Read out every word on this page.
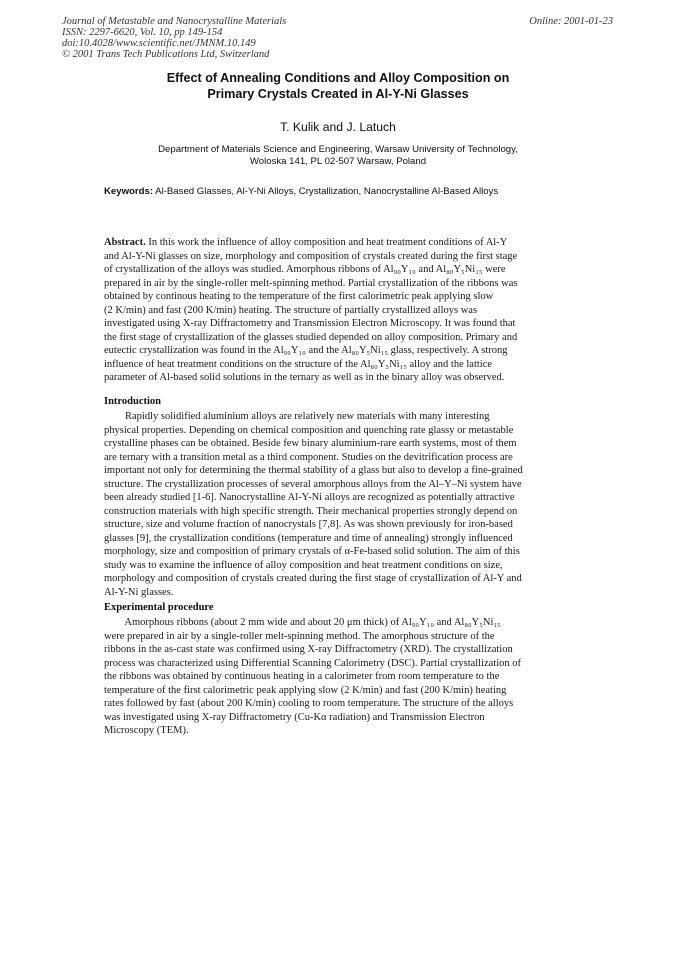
Journal of Metastable and Nanocrystalline Materials
ISSN: 2297-6620, Vol. 10, pp 149-154
doi:10.4028/www.scientific.net/JMNM.10.149
© 2001 Trans Tech Publications Ltd, Switzerland
Online: 2001-01-23
Effect of Annealing Conditions and Alloy Composition on
Primary Crystals Created in Al-Y-Ni Glasses
T. Kulik and J. Latuch
Department of Materials Science and Engineering, Warsaw University of Technology,
Woloska 141, PL 02-507 Warsaw, Poland
Keywords: Al-Based Glasses, Al-Y-Ni Alloys, Crystallization, Nanocrystalline Al-Based Alloys
Abstract. In this work the influence of alloy composition and heat treatment conditions of Al-Y
and Al-Y-Ni glasses on size, morphology and composition of crystals created during the first stage
of crystallization of the alloys was studied. Amorphous ribbons of Al₉₀Y₁₀ and Al₈₀Y₅Ni₁₅ were
prepared in air by the single-roller melt-spinning method. Partial crystallization of the ribbons was
obtained by continous heating to the temperature of the first calorimetric peak applying slow
(2 K/min) and fast (200 K/min) heating. The structure of partially crystallized alloys was
investigated using X-ray Diffractometry and Transmission Electron Microscopy. It was found that
the first stage of crystallization of the glasses studied depended on alloy composition. Primary and
eutectic crystallization was found in the Al₉₀Y₁₀ and the Al₈₀Y₅Ni₁₅ glass, respectively. A strong
influence of heat treatment conditions on the structure of the Al₈₀Y₅Ni₁₅ alloy and the lattice
parameter of Al-based solid solutions in the ternary as well as in the binary alloy was observed.
Introduction
Rapidly solidified aluminium alloys are relatively new materials with many interesting
physical properties. Depending on chemical composition and quenching rate glassy or metastable
crystalline phases can be obtained. Beside few binary aluminium-rare earth systems, most of them
are ternary with a transition metal as a third component. Studies on the devitrification process are
important not only for determining the thermal stability of a glass but also to develop a fine-grained
structure. The crystallization processes of several amorphous alloys from the Al–Y–Ni system have
been already studied [1-6]. Nanocrystalline Al-Y-Ni alloys are recognized as potentially attractive
construction materials with high specific strength. Their mechanical properties strongly depend on
structure, size and volume fraction of nanocrystals [7,8]. As was shown previously for iron-based
glasses [9], the crystallization conditions (temperature and time of annealing) strongly influenced
morphology, size and composition of primary crystals of α-Fe-based solid solution. The aim of this
study was to examine the influence of alloy composition and heat treatment conditions on size,
morphology and composition of crystals created during the first stage of crystallization of Al-Y and
Al-Y-Ni glasses.
Experimental procedure
Amorphous ribbons (about 2 mm wide and about 20 μm thick) of Al₉₀Y₁₀ and Al₈₀Y₅Ni₁₅
were prepared in air by a single-roller melt-spinning method. The amorphous structure of the
ribbons in the as-cast state was confirmed using X-ray Diffractometry (XRD). The crystallization
process was characterized using Differential Scanning Calorimetry (DSC). Partial crystallization of
the ribbons was obtained by continuous heating in a calorimeter from room temperature to the
temperature of the first calorimetric peak applying slow (2 K/min) and fast (200 K/min) heating
rates followed by fast (about 200 K/min) cooling to room temperature. The structure of the alloys
was investigated using X-ray Diffractometry (Cu-Kα radiation) and Transmission Electron
Microscopy (TEM).
